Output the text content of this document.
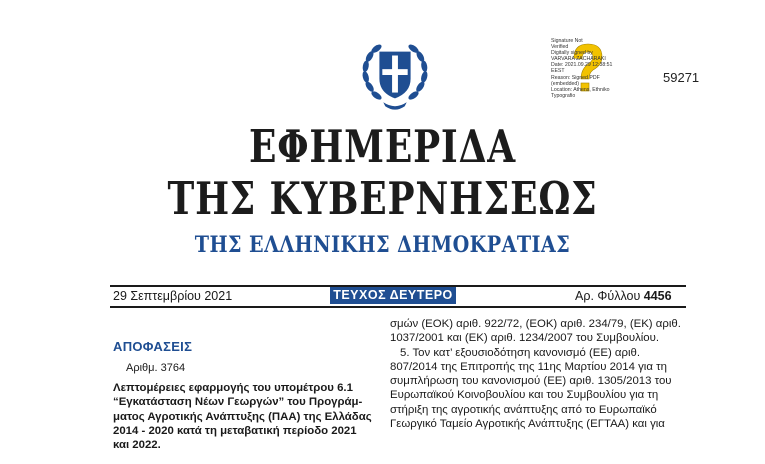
Signature Not
Verified
Digitally signed by
VARVARA ZACHARAKI
Date: 2021.09.29 12:38:51
EEST
Reason: Signed PDF
(embedded)
Location: Athens, Ethniko
Typografio
59271
ΕΦΗΜΕΡΙΔΑ
ΤΗΣ ΚΥΒΕΡΝΗΣΕΩΣ
ΤΗΣ ΕΛΛΗΝΙΚΗΣ ΔΗΜΟΚΡΑΤΙΑΣ
29 Σεπτεμβρίου 2021	ΤΕΥΧΟΣ ΔΕΥΤΕΡΟ	Αρ. Φύλλου 4456
ΑΠΟΦΑΣΕΙΣ
Αριθμ. 3764
Λεπτομέρειες εφαρμογής του υπομέτρου 6.1
“Εγκατάσταση Νέων Γεωργών” του Προγράμ-
ματος Αγροτικής Ανάπτυξης (ΠΑΑ) της Ελλάδας
2014 - 2020 κατά τη μεταβατική περίοδο 2021
και 2022.
σμών (ΕΟΚ) αριθ. 922/72, (ΕΟΚ) αριθ. 234/79, (ΕΚ) αριθ.
1037/2001 και (ΕΚ) αριθ. 1234/2007 του Συμβουλίου.
5. Τον κατ’ εξουσιοδότηση κανονισμό (ΕΕ) αριθ.
807/2014 της Επιτροπής της 11ης Μαρτίου 2014 για τη
συμπλήρωση του κανονισμού (ΕΕ) αριθ. 1305/2013 του
Ευρωπαϊκού Κοινοβουλίου και του Συμβουλίου για τη
στήριξη της αγροτικής ανάπτυξης από το Ευρωπαϊκό
Γεωργικό Ταμείο Αγροτικής Ανάπτυξης (ΕΓΤΑΑ) και για
